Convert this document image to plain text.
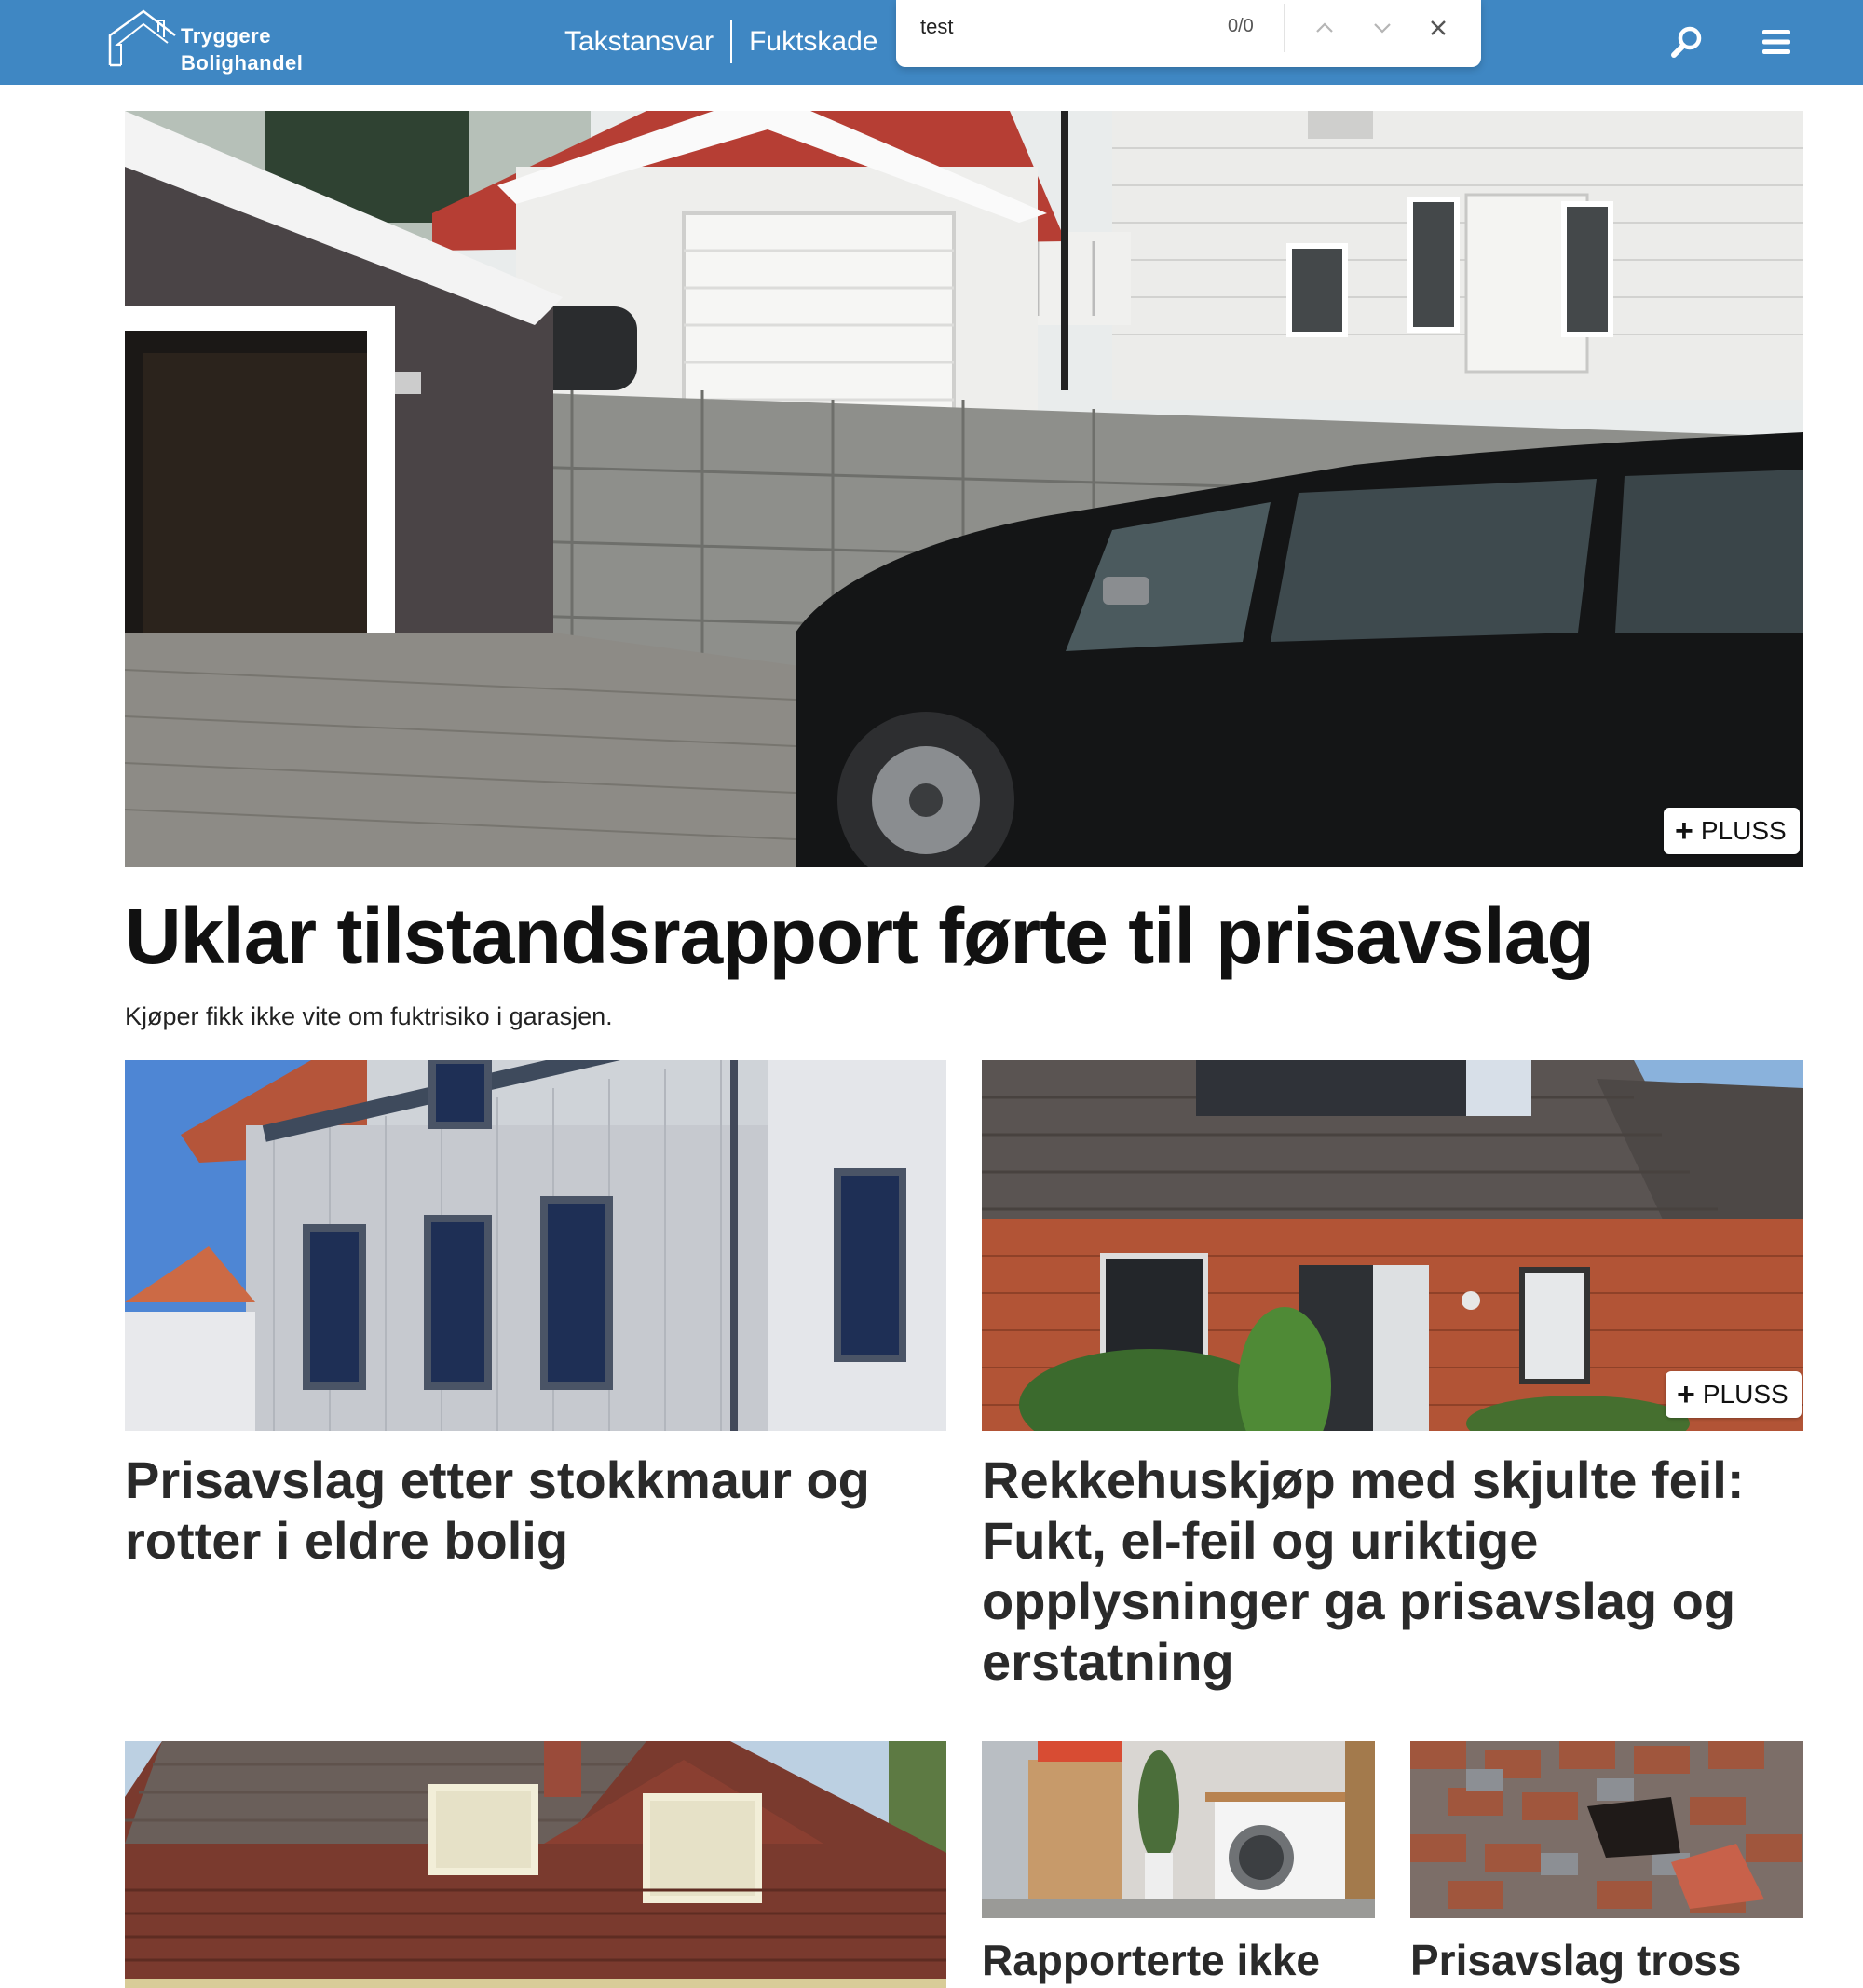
Tryggere
Bolighandel
Takstansvar	Fuktskade
test	0/0
+ PLUSS
Uklar tilstandsrapport førte til prisavslag

Kjøper fikk ikke vite om fuktrisiko i garasjen.

Prisavslag etter stokkmaur og rotter i eldre bolig
+ PLUSS
Rekkehuskjøp med skjulte feil: Fukt, el-feil og uriktige opplysninger ga prisavslag og erstatning
Rapporterte ikke Prisavslag tross
